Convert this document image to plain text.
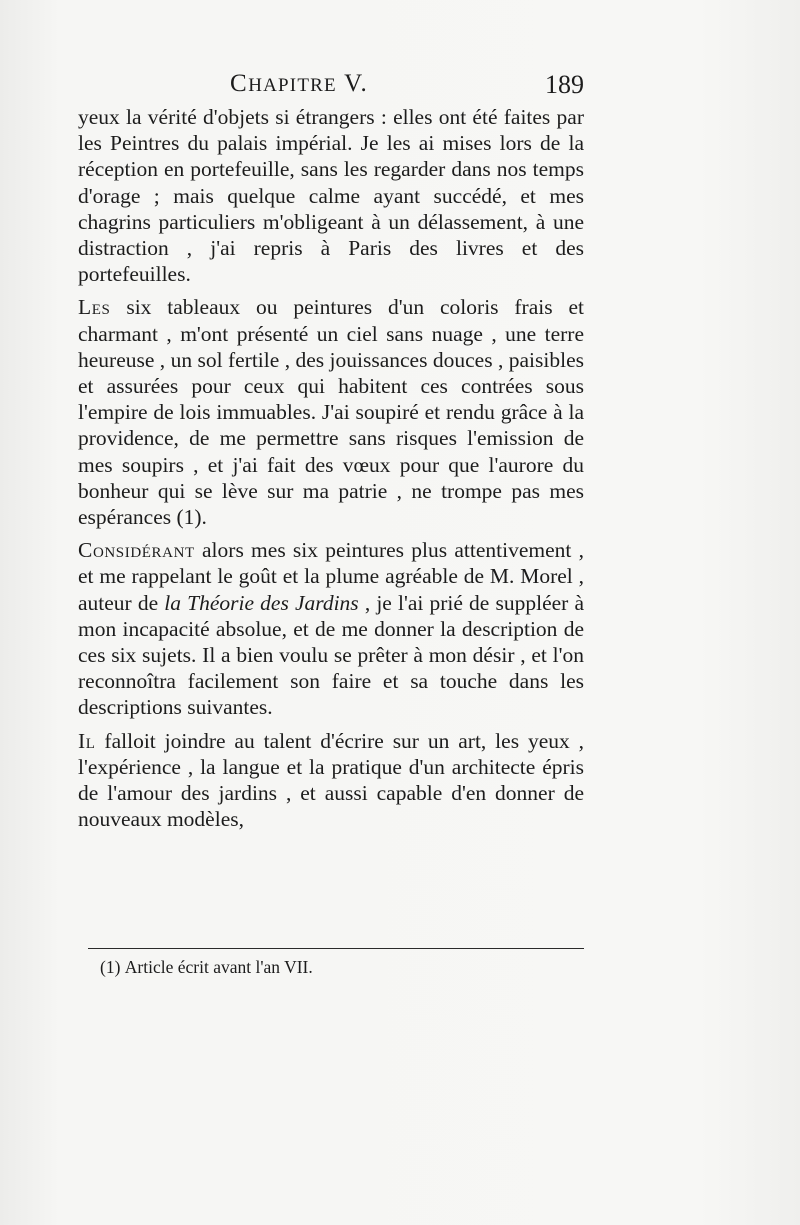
CHAPITRE V.	189

yeux la vérité d'objets si étrangers : elles ont été faites par les Peintres du palais impérial. Je les ai mises lors de la réception en portefeuille, sans les regarder dans nos temps d'orage ; mais quelque calme ayant succédé, et mes chagrins particuliers m'obligeant à un délassement, à une distraction , j'ai repris à Paris des livres et des portefeuilles.

Les six tableaux ou peintures d'un coloris frais et charmant , m'ont présenté un ciel sans nuage , une terre heureuse , un sol fertile , des jouissances douces , paisibles et assurées pour ceux qui habitent ces contrées sous l'empire de lois immuables. J'ai soupiré et rendu grâce à la providence, de me permettre sans risques l'emission de mes soupirs , et j'ai fait des vœux pour que l'aurore du bonheur qui se lève sur ma patrie , ne trompe pas mes espérances (1).

Considérant alors mes six peintures plus attentivement , et me rappelant le goût et la plume agréable de M. Morel , auteur de la Théorie des Jardins , je l'ai prié de suppléer à mon incapacité absolue, et de me donner la description de ces six sujets. Il a bien voulu se prêter à mon désir , et l'on reconnoîtra facilement son faire et sa touche dans les descriptions suivantes.

Il falloit joindre au talent d'écrire sur un art, les yeux , l'expérience , la langue et la pratique d'un architecte épris de l'amour des jardins , et aussi capable d'en donner de nouveaux modèles,

(1) Article écrit avant l'an VII.
